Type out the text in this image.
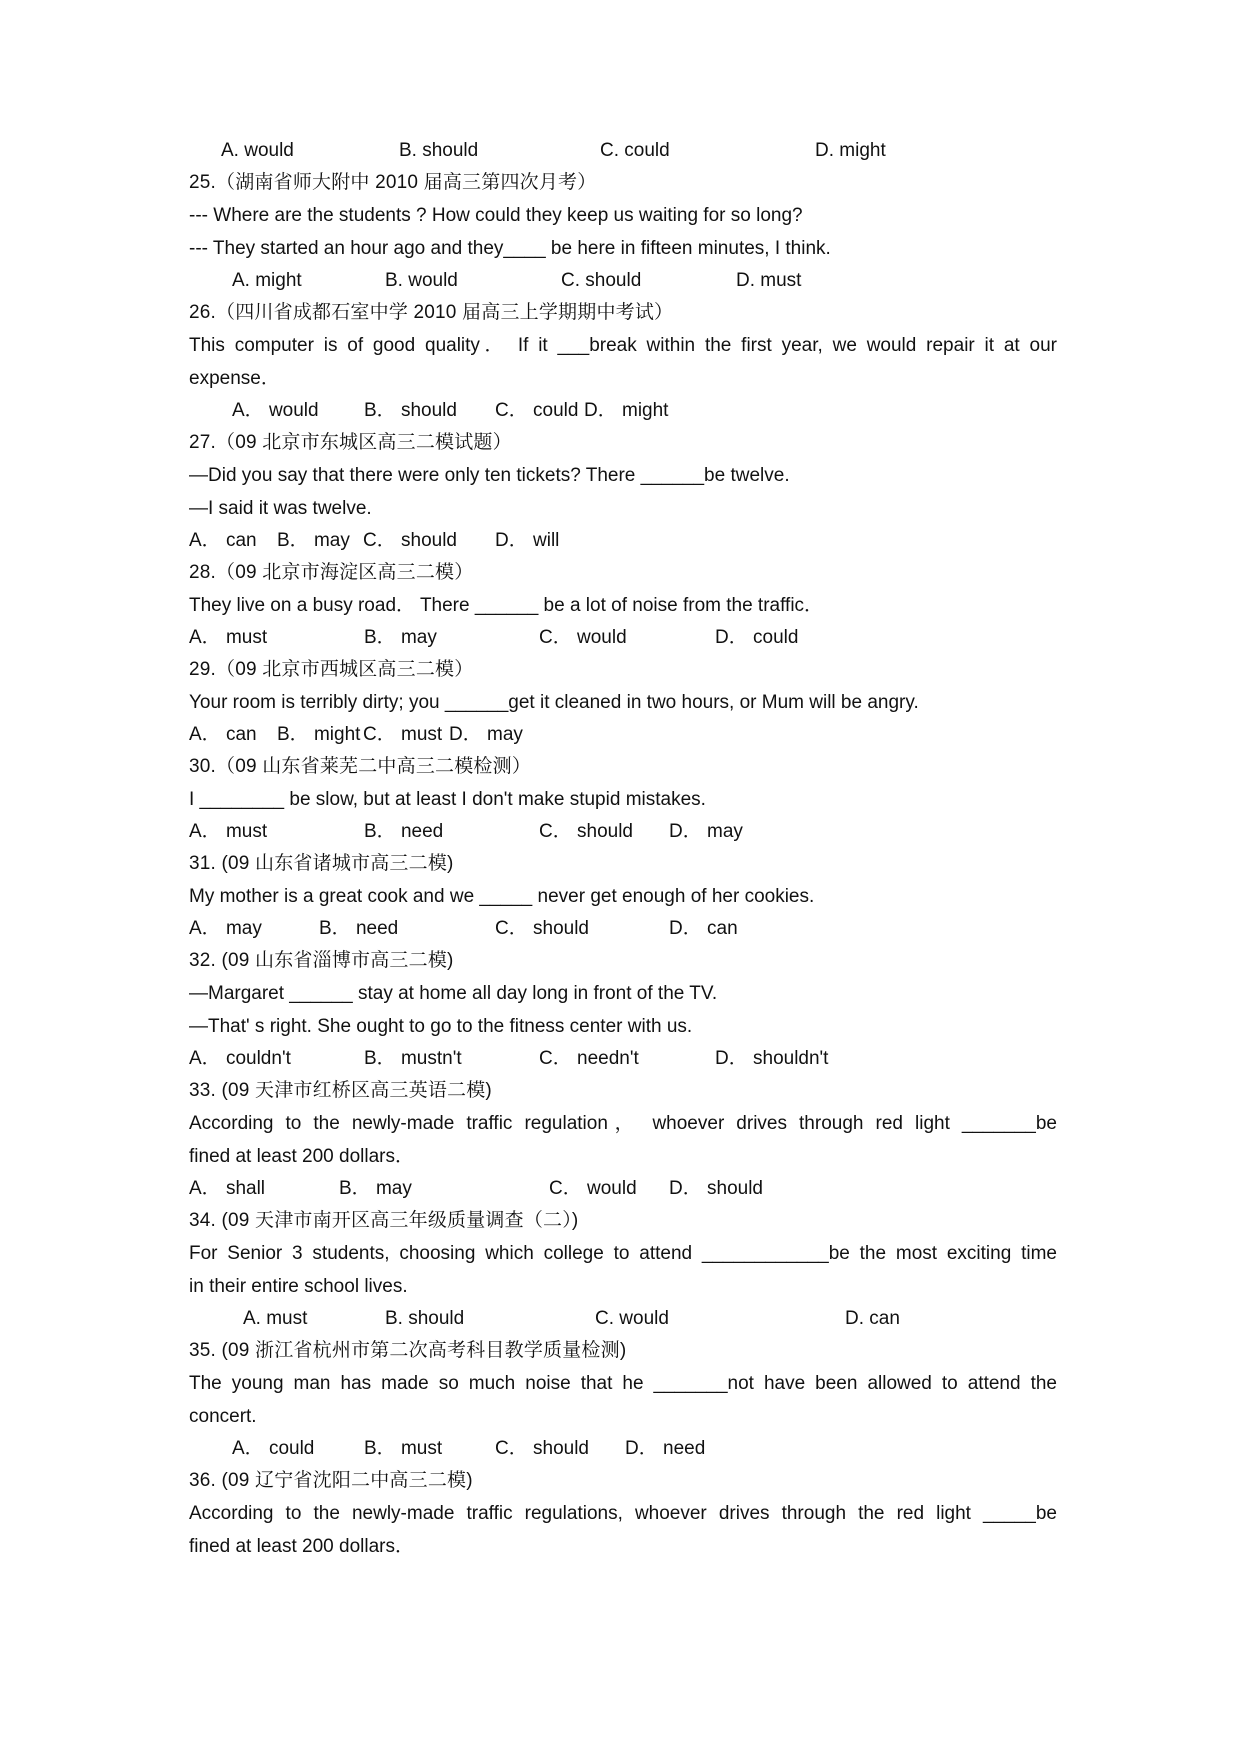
A. would	B. should	C. could	D. might
25.（湖南省师大附中 2010 届高三第四次月考）
--- Where are the students ? How could they keep us waiting for so long?
--- They started an hour ago and they____ be here in fifteen minutes, I think.
A. might	B. would	C. should	D. must
26.（四川省成都石室中学 2010 届高三上学期期中考试）
This computer is of good quality． If it ___break within the first year, we would repair it at our
expense．
A． would B． should C． could D． might
27.（09 北京市东城区高三二模试题）
—Did you say that there were only ten tickets? There ______be twelve.
—I said it was twelve.
A． can B． may C． should D． will
28.（09 北京市海淀区高三二模）
They live on a busy road． There ______ be a lot of noise from the traffic．
A． must	B． may	C． would	D． could
29.（09 北京市西城区高三二模）
Your room is terribly dirty; you ______get it cleaned in two hours, or Mum will be angry.
A． can B． might C． must D． may
30.（09 山东省莱芜二中高三二模检测）
I ________ be slow, but at least I don't make stupid mistakes.
A． must	B． need	C． should D． may
31. (09 山东省诸城市高三二模)
My mother is a great cook and we _____ never get enough of her cookies.
A． may	B． need	C． should	D． can
32. (09 山东省淄博市高三二模)
—Margaret ______ stay at home all day long in front of the TV.
—That' s right. She ought to go to the fitness center with us.
A． couldn't	B． mustn't	C． needn't	D． shouldn't
33. (09 天津市红桥区高三英语二模)
According to the newly-made traffic regulation， whoever drives through red light _______be
fined at least 200 dollars．
A． shall	B． may	C． would D． should
34. (09 天津市南开区高三年级质量调查（二）)
For Senior 3 students, choosing which college to attend ____________be the most exciting time
in their entire school lives.
A. must	B. should	C. would	D. can
35. (09 浙江省杭州市第二次高考科目教学质量检测)
The young man has made so much noise that he _______not have been allowed to attend the
concert.
A． could	B． must	C． should D． need
36. (09 辽宁省沈阳二中高三二模)
According to the newly-made traffic regulations, whoever drives through the red light _____be
fined at least 200 dollars．
